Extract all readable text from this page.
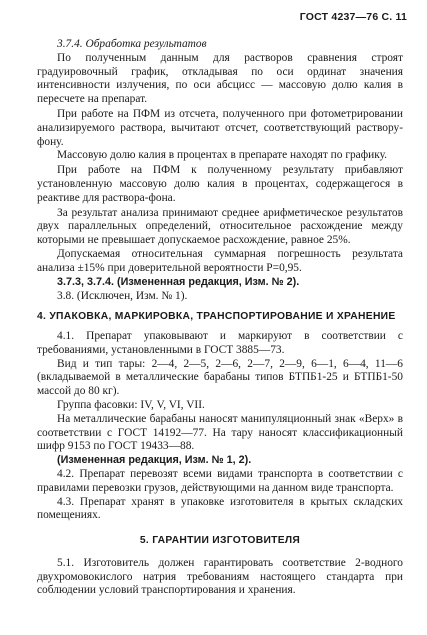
ГОСТ 4237—76 С. 11

3.7.4. Обработка результатов

По полученным данным для растворов сравнения строят градуировочный график, откладывая по оси ординат значения интенсивности излучения, по оси абсцисс — массовую долю калия в пересчете на препарат.

При работе на ПФМ из отсчета, полученного при фотометрировании анализируемого раствора, вычитают отсчет, соответствующий раствору-фону.

Массовую долю калия в процентах в препарате находят по графику.

При работе на ПФМ к полученному результату прибавляют установленную массовую долю калия в процентах, содержащегося в реактиве для раствора-фона.

За результат анализа принимают среднее арифметическое результатов двух параллельных определений, относительное расхождение между которыми не превышает допускаемое расхождение, равное 25%.

Допускаемая относительная суммарная погрешность результата анализа ±15% при доверительной вероятности P=0,95.

3.7.3, 3.7.4. (Измененная редакция, Изм. № 2).

3.8. (Исключен, Изм. № 1).

4. УПАКОВКА, МАРКИРОВКА, ТРАНСПОРТИРОВАНИЕ И ХРАНЕНИЕ

4.1. Препарат упаковывают и маркируют в соответствии с требованиями, установленными в ГОСТ 3885—73.

Вид и тип тары: 2—4, 2—5, 2—6, 2—7, 2—9, 6—1, 6—4, 11—6 (вкладываемой в металлические барабаны типов БТПБ1-25 и БТПБ1-50 массой до 80 кг).

Группа фасовки: IV, V, VI, VII.

На металлические барабаны наносят манипуляционный знак «Верх» в соответствии с ГОСТ 14192—77. На тару наносят классификационный шифр 9153 по ГОСТ 19433—88.

(Измененная редакция, Изм. № 1, 2).

4.2. Препарат перевозят всеми видами транспорта в соответствии с правилами перевозки грузов, действующими на данном виде транспорта.

4.3. Препарат хранят в упаковке изготовителя в крытых складских помещениях.

5. ГАРАНТИИ ИЗГОТОВИТЕЛЯ

5.1. Изготовитель должен гарантировать соответствие 2-водного двухромовокислого натрия требованиям настоящего стандарта при соблюдении условий транспортирования и хранения.
